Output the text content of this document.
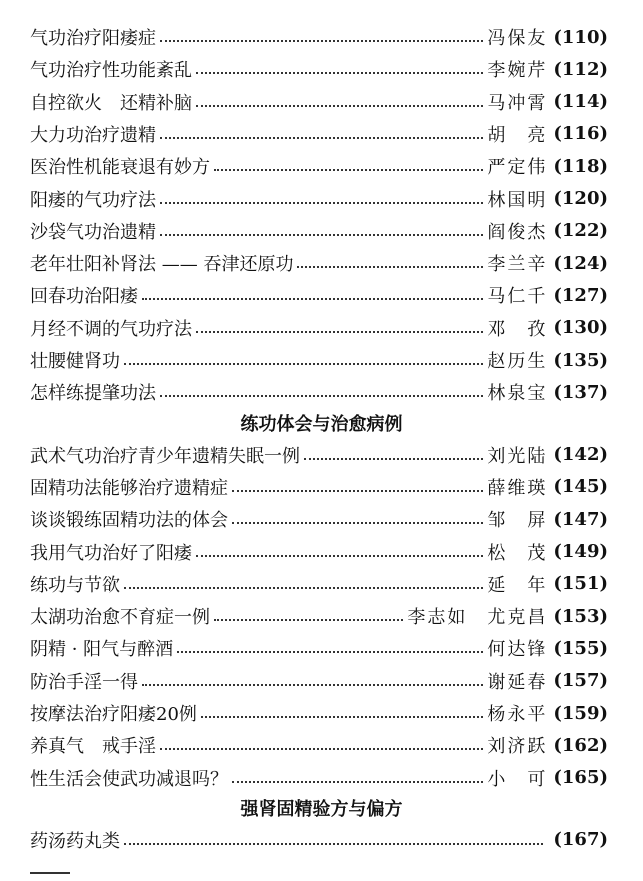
气功治疗阳痿症	冯保友 (110)
气功治疗性功能紊乱	李婉芹 (112)
自控欲火　还精补脑	马冲霄 (114)
大力功治疗遗精	胡　亮 (116)
医治性机能衰退有妙方	严定伟 (118)
阳痿的气功疗法	林国明 (120)
沙袋气功治遗精	阎俊杰 (122)
老年壮阳补肾法 —— 吞津还原功	李兰辛 (124)
回春功治阳痿	马仁千 (127)
月经不调的气功疗法	邓　孜 (130)
壮腰健肾功	赵历生 (135)
怎样练提肇功法	林泉宝 (137)
练功体会与治愈病例
武术气功治疗青少年遗精失眠一例	刘光陆 (142)
固精功法能够治疗遗精症	薛维瑛 (145)
谈谈锻练固精功法的体会	邹　屏 (147)
我用气功治好了阳痿	松　茂 (149)
练功与节欲	延　年 (151)
太湖功治愈不育症一例	李志如　尤克昌 (153)
阴精 · 阳气与醉酒	何达锋 (155)
防治手淫一得	谢延春 (157)
按摩法治疗阳痿20例	杨永平 (159)
养真气　戒手淫	刘济跃 (162)
性生活会使武功减退吗？	小　可 (165)
强肾固精验方与偏方
药汤药丸类	(167)
